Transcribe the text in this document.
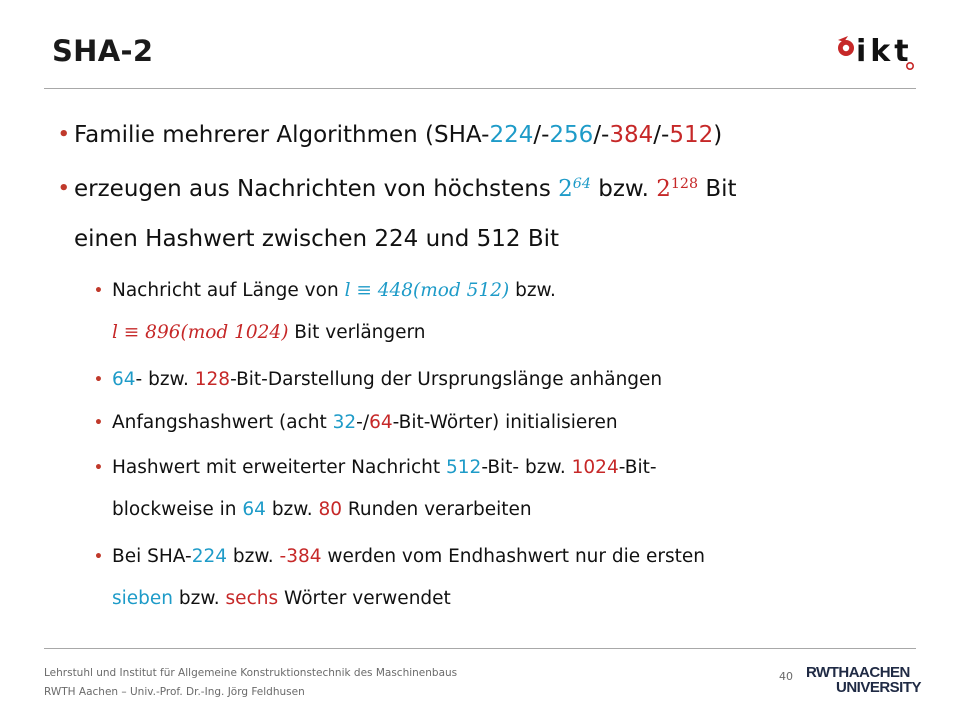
SHA-2	ikt
• Familie mehrerer Algorithmen (SHA-224/-256/-384/-512)
• erzeugen aus Nachrichten von höchstens $2^{64}$ bzw. $2^{128}$ Bit
einen Hashwert zwischen 224 und 512 Bit
• Nachricht auf Länge von l ≡ 448(mod 512) bzw.
l ≡ 896(mod 1024) Bit verlängern
• 64- bzw. 128-Bit-Darstellung der Ursprungslänge anhängen
• Anfangshashwert (acht 32-/64-Bit-Wörter) initialisieren
• Hashwert mit erweiterter Nachricht 512-Bit- bzw. 1024-Bit-
blockweise in 64 bzw. 80 Runden verarbeiten
• Bei SHA-224 bzw. -384 werden vom Endhashwert nur die ersten
sieben bzw. sechs Wörter verwendet
Lehrstuhl und Institut für Allgemeine Konstruktionstechnik des Maschinenbaus
RWTH Aachen – Univ.-Prof. Dr.-Ing. Jörg Feldhusen
40 RWTHAACHEN
UNIVERSITY
